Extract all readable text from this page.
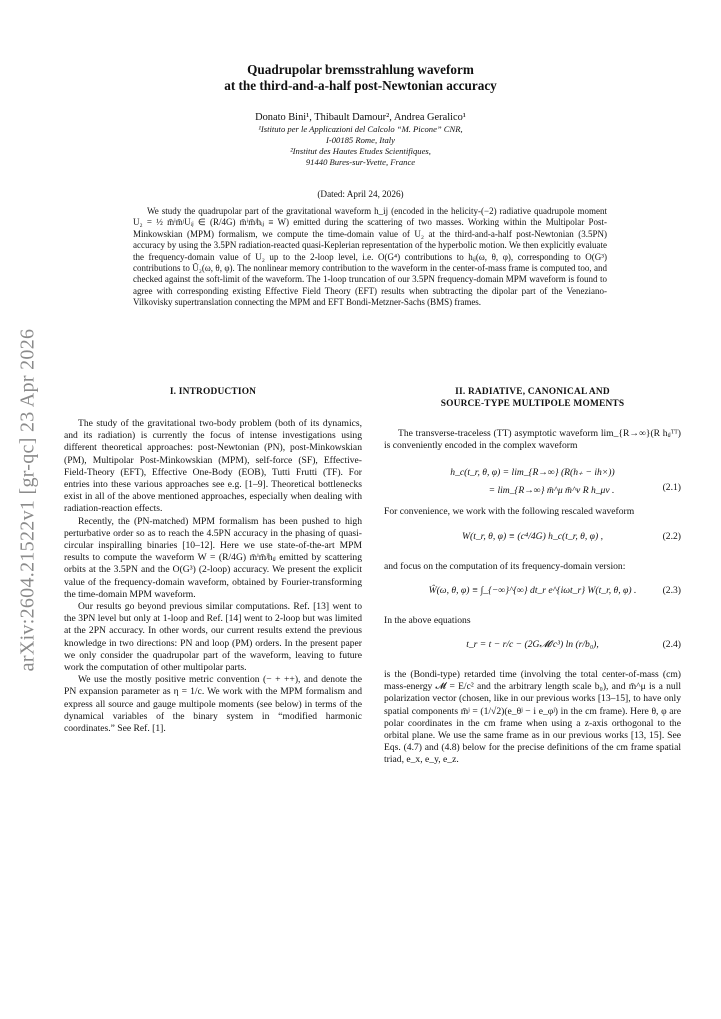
arXiv:2604.21522v1 [gr-qc] 23 Apr 2026
Quadrupolar bremsstrahlung waveform
at the third-and-a-half post-Newtonian accuracy
Donato Bini¹, Thibault Damour², Andrea Geralico¹
¹Istituto per le Applicazioni del Calcolo “M. Picone” CNR,
I-00185 Rome, Italy
²Institut des Hautes Etudes Scientifiques,
91440 Bures-sur-Yvette, France
(Dated: April 24, 2026)

We study the quadrupolar part of the gravitational waveform h_ij (encoded in the helicity-(−2) radiative quadrupole moment U₂ = ½ m̄ⁱm̄ʲUᵢⱼ ∈ (R/4G) m̄ⁱm̄ʲhᵢⱼ ≡ W) emitted during the scattering of two masses. Working within the Multipolar Post-Minkowskian (MPM) formalism, we compute the time-domain value of U₂ at the third-and-a-half post-Newtonian (3.5PN) accuracy by using the 3.5PN radiation-reacted quasi-Keplerian representation of the hyperbolic motion. We then explicitly evaluate the frequency-domain value of U₂ up to the 2-loop level, i.e. O(G⁴) contributions to hᵢⱼ(ω, θ, φ), corresponding to O(G³) contributions to Ũ₂(ω, θ, φ). The nonlinear memory contribution to the waveform in the center-of-mass frame is computed too, and checked against the soft-limit of the waveform. The 1-loop truncation of our 3.5PN frequency-domain MPM waveform is found to agree with corresponding existing Effective Field Theory (EFT) results when subtracting the dipolar part of the Veneziano-Vilkovisky supertranslation connecting the MPM and EFT Bondi-Metzner-Sachs (BMS) frames.

I. INTRODUCTION

The study of the gravitational two-body problem (both of its dynamics, and its radiation) is currently the focus of intense investigations using different theoretical approaches: post-Newtonian (PN), post-Minkowskian (PM), Multipolar Post-Minkowskian (MPM), self-force (SF), Effective-Field-Theory (EFT), Effective One-Body (EOB), Tutti Frutti (TF). For entries into these various approaches see e.g. [1–9]. Theoretical bottlenecks exist in all of the above mentioned approaches, especially when dealing with radiation-reaction effects.

Recently, the (PN-matched) MPM formalism has been pushed to high perturbative order so as to reach the 4.5PN accuracy in the phasing of quasi-circular inspiralling binaries [10–12]. Here we use state-of-the-art MPM results to compute the waveform W = (R/4G) m̄ⁱm̄ʲhᵢⱼ emitted by scattering orbits at the 3.5PN and the O(G³) (2-loop) accuracy. We present the explicit value of the frequency-domain waveform, obtained by Fourier-transforming the time-domain MPM waveform.

Our results go beyond previous similar computations. Ref. [13] went to the 3PN level but only at 1-loop and Ref. [14] went to 2-loop but was limited at the 2PN accuracy. In other words, our current results extend the previous knowledge in two directions: PN and loop (PM) orders. In the present paper we only consider the quadrupolar part of the waveform, leaving to future work the computation of other multipolar parts.

We use the mostly positive metric convention (− + ++), and denote the PN expansion parameter as η = 1/c. We work with the MPM formalism and express all source and gauge multipole moments (see below) in terms of the dynamical variables of the binary system in “modified harmonic coordinates.” See Ref. [1].

II. RADIATIVE, CANONICAL AND
SOURCE-TYPE MULTIPOLE MOMENTS

The transverse-traceless (TT) asymptotic waveform lim_{R→∞}(R hᵢⱼᵀᵀ) is conveniently encoded in the complex waveform

h_c(t_r, θ, φ) = lim_{R→∞} (R(h₊ − ih×))
= lim_{R→∞} m̄^μ m̄^ν R h_μν .	(2.1)

For convenience, we work with the following rescaled waveform

W(t_r, θ, φ) ≡ (c⁴/4G) h_c(t_r, θ, φ) ,	(2.2)

and focus on the computation of its frequency-domain version:

Ŵ(ω, θ, φ) ≡ ∫_{−∞}^{∞} dt_r e^{iωt_r} W(t_r, θ, φ) .	(2.3)

In the above equations

t_r = t − r/c − (2G𝓜/c³) ln (r/b₀),	(2.4)

is the (Bondi-type) retarded time (involving the total center-of-mass (cm) mass-energy 𝓜 = E/c² and the arbitrary length scale b₀), and m̄^μ is a null polarization vector (chosen, like in our previous works [13–15], to have only spatial components m̄ʲ = (1/√2)(e_θʲ − i e_φʲ) in the cm frame). Here θ, φ are polar coordinates in the cm frame when using a z-axis orthogonal to the orbital plane. We use the same frame as in our previous works [13, 15]. See Eqs. (4.7) and (4.8) below for the precise definitions of the cm frame spatial triad, e_x, e_y, e_z.
